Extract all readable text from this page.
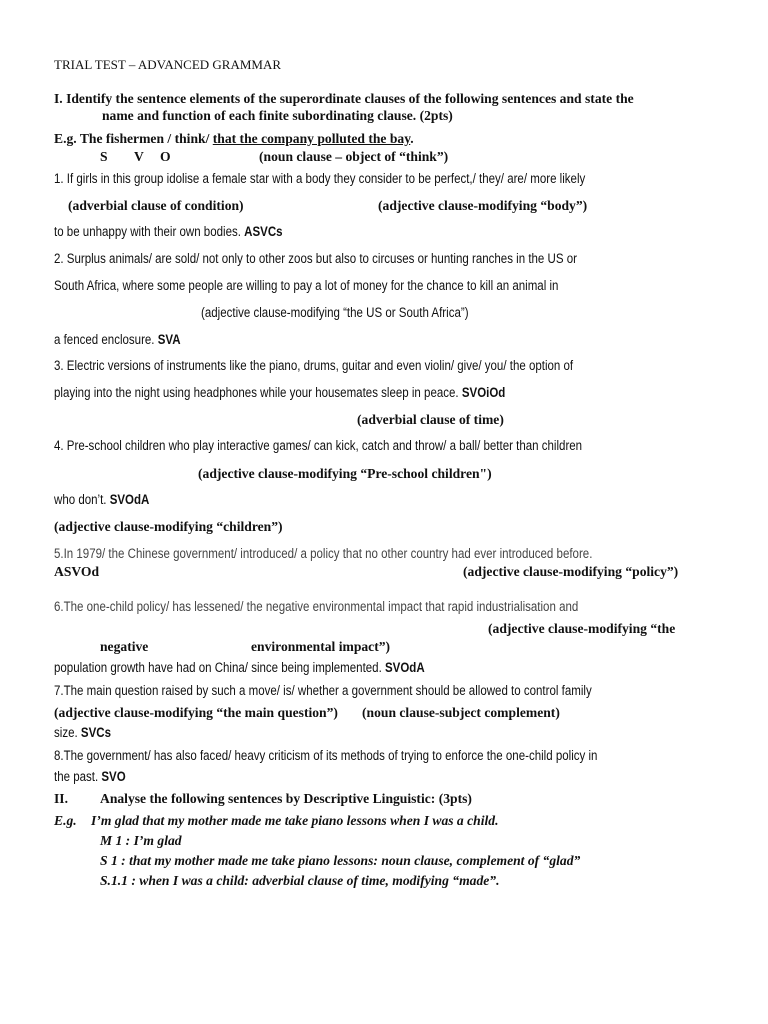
TRIAL TEST – ADVANCED GRAMMAR
I. Identify the sentence elements of the superordinate clauses of the following sentences and state the
name and function of each finite subordinating clause. (2pts)
E.g. The fishermen / think/ that the company polluted the bay.
S V O	(noun clause – object of “think”)
1. If girls in this group idolise a female star with a body they consider to be perfect,/ they/ are/ more likely
(adverbial clause of condition)	(adjective clause-modifying “body”)
to be unhappy with their own bodies. ASVCs
2. Surplus animals/ are sold/ not only to other zoos but also to circuses or hunting ranches in the US or
South Africa, where some people are willing to pay a lot of money for the chance to kill an animal in
(adjective clause-modifying “the US or South Africa”)
a fenced enclosure. SVA
3. Electric versions of instruments like the piano, drums, guitar and even violin/ give/ you/ the option of
playing into the night using headphones while your housemates sleep in peace. SVOiOd
(adverbial clause of time)
4. Pre-school children who play interactive games/ can kick, catch and throw/ a ball/ better than children
(adjective clause-modifying “Pre-school children")
who don’t. SVOdA
(adjective clause-modifying “children”)
5.In 1979/ the Chinese government/ introduced/ a policy that no other country had ever introduced before.
ASVOd	(adjective clause-modifying “policy”)
6.The one-child policy/ has lessened/ the negative environmental impact that rapid industrialisation and
(adjective clause-modifying “the
negative	environmental impact”)
population growth have had on China/ since being implemented. SVOdA
7.The main question raised by such a move/ is/ whether a government should be allowed to control family
(adjective clause-modifying “the main question”) (noun clause-subject complement)
size. SVCs
8.The government/ has also faced/ heavy criticism of its methods of trying to enforce the one-child policy in
the past. SVO
II. Analyse the following sentences by Descriptive Linguistic: (3pts)
E.g. I’m glad that my mother made me take piano lessons when I was a child.
M 1 : I’m glad
S 1 : that my mother made me take piano lessons: noun clause, complement of “glad”
S.1.1 : when I was a child: adverbial clause of time, modifying “made”.
